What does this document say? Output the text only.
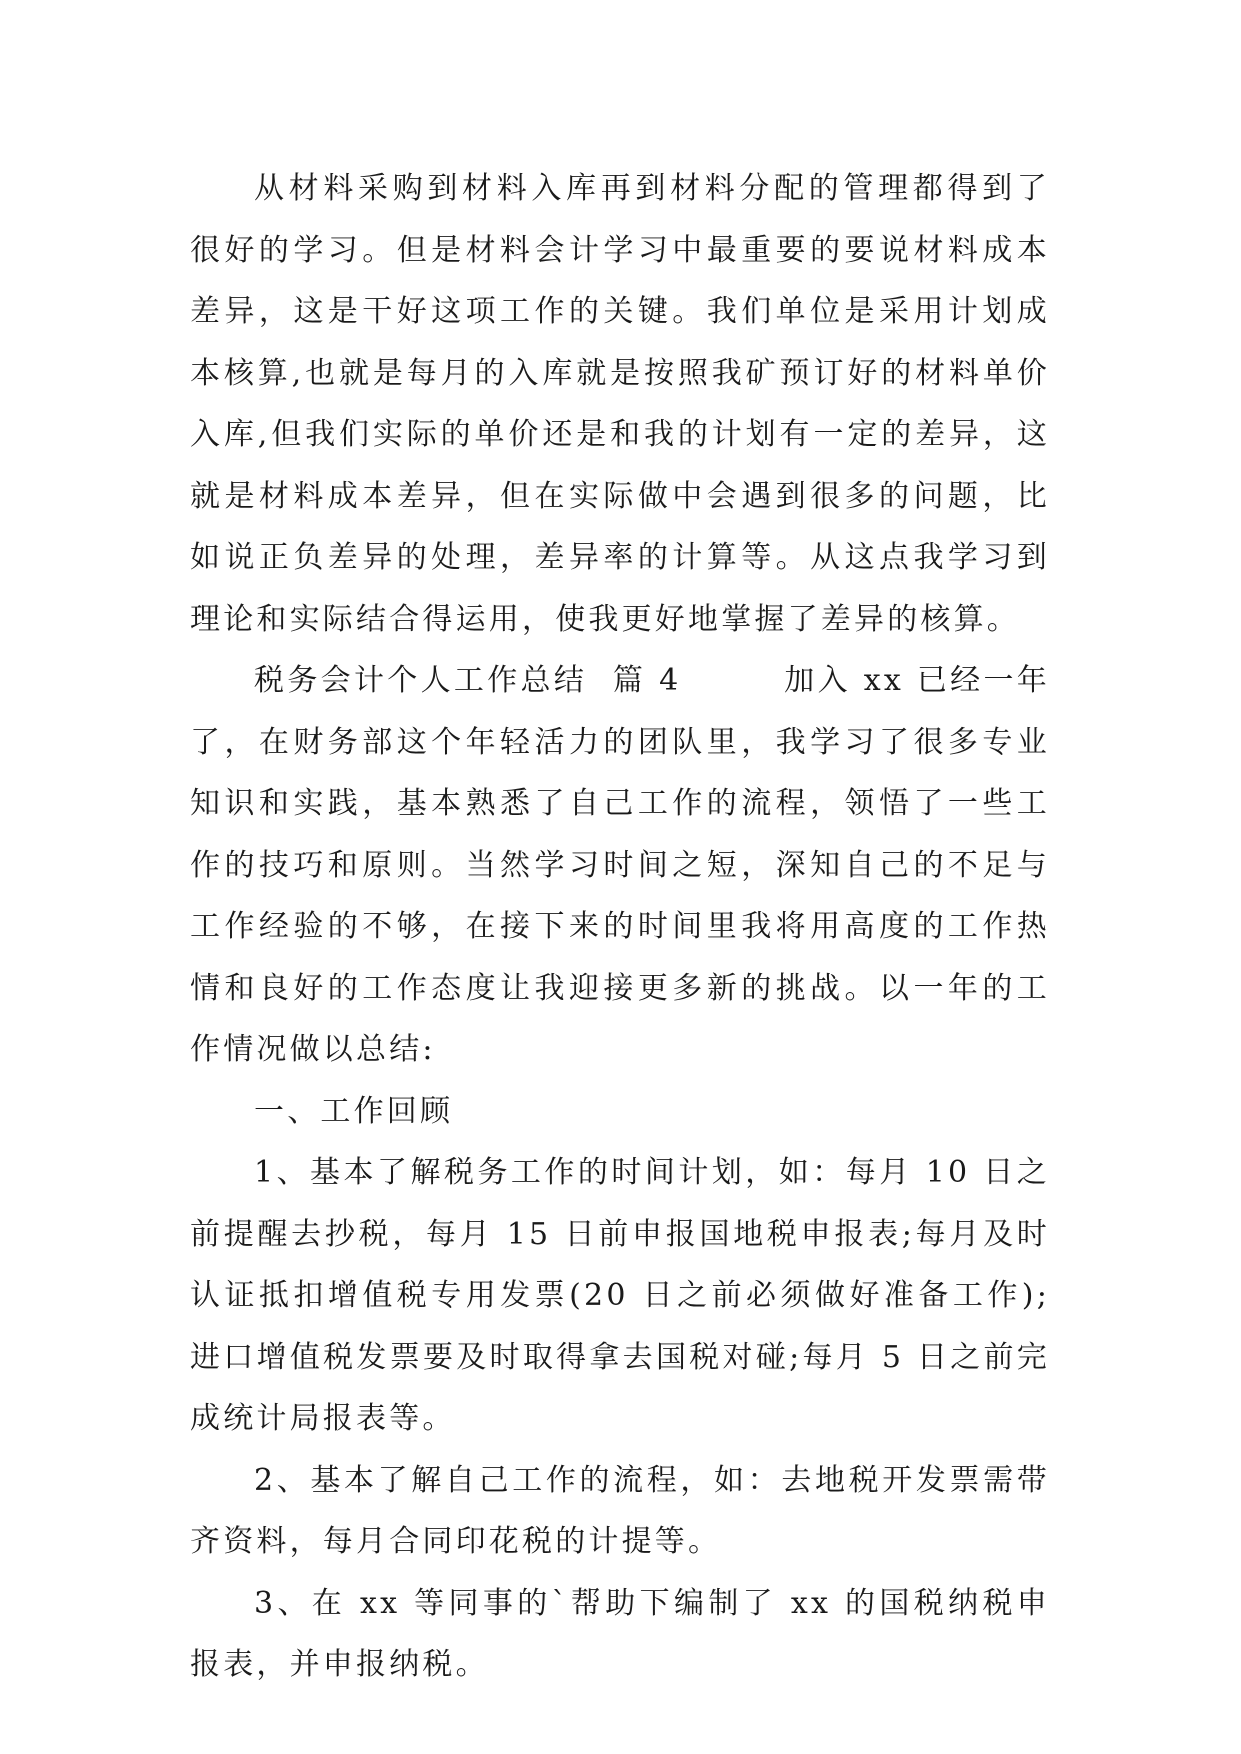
从材料采购到材料入库再到材料分配的管理都得到了很好的学习。但是材料会计学习中最重要的要说材料成本差异，这是干好这项工作的关键。我们单位是采用计划成本核算,也就是每月的入库就是按照我矿预订好的材料单价入库,但我们实际的单价还是和我的计划有一定的差异，这就是材料成本差异，但在实际做中会遇到很多的问题，比如说正负差异的处理，差异率的计算等。从这点我学习到理论和实际结合得运用，使我更好地掌握了差异的核算。

税务会计个人工作总结  篇 4	加入 xx 已经一年了，在财务部这个年轻活力的团队里，我学习了很多专业知识和实践，基本熟悉了自己工作的流程，领悟了一些工作的技巧和原则。当然学习时间之短，深知自己的不足与工作经验的不够，在接下来的时间里我将用高度的工作热情和良好的工作态度让我迎接更多新的挑战。以一年的工作情况做以总结:

一、工作回顾

1、基本了解税务工作的时间计划，如：每月 10 日之前提醒去抄税，每月 15 日前申报国地税申报表;每月及时认证抵扣增值税专用发票(20 日之前必须做好准备工作);进口增值税发票要及时取得拿去国税对碰;每月 5 日之前完成统计局报表等。

2、基本了解自己工作的流程，如：去地税开发票需带齐资料，每月合同印花税的计提等。

3、在 xx 等同事的`帮助下编制了 xx 的国税纳税申报表，并申报纳税。
